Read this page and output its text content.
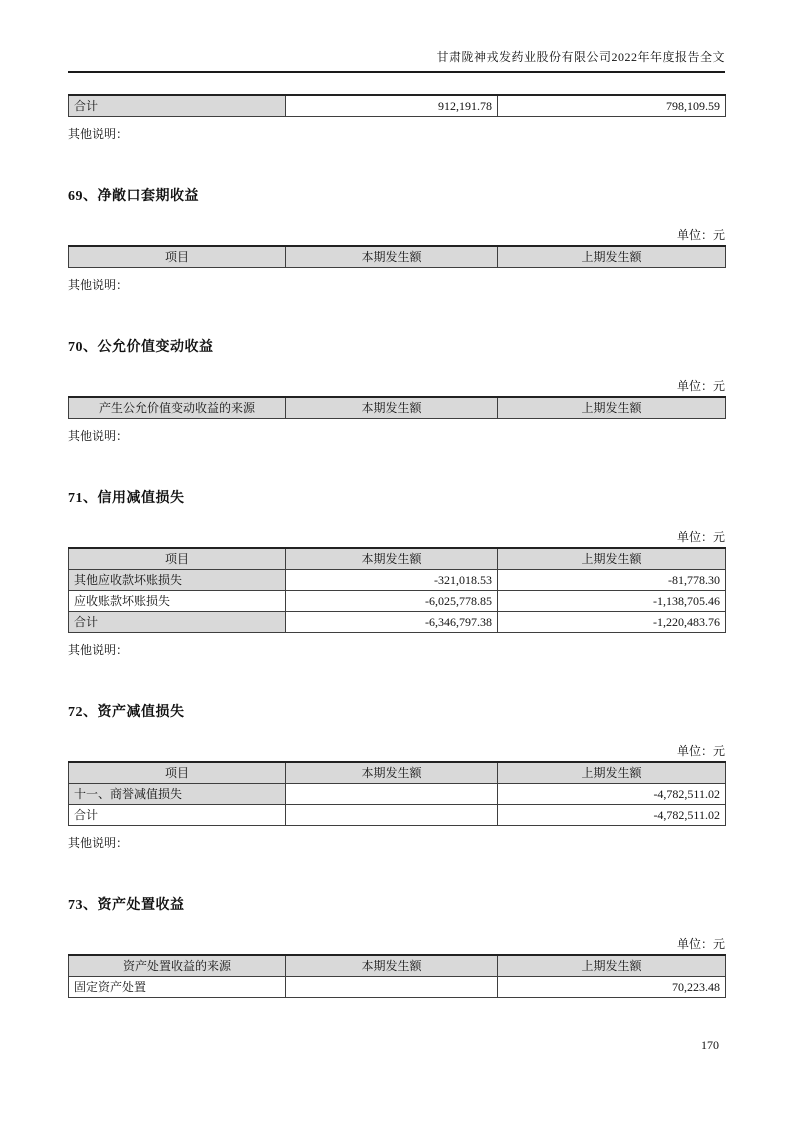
甘肃陇神戎发药业股份有限公司2022年年度报告全文
合计	912,191.78	798,109.59
其他说明：
69、净敞口套期收益
单位：元
项目	本期发生额	上期发生额
其他说明：
70、公允价值变动收益
单位：元
产生公允价值变动收益的来源	本期发生额	上期发生额
其他说明：
71、信用减值损失
单位：元
项目	本期发生额	上期发生额
其他应收款坏账损失	-321,018.53	-81,778.30
应收账款坏账损失	-6,025,778.85	-1,138,705.46
合计	-6,346,797.38	-1,220,483.76
其他说明：
72、资产减值损失
单位：元
项目	本期发生额	上期发生额
十一、商誉减值损失		-4,782,511.02
合计		-4,782,511.02
其他说明：
73、资产处置收益
单位：元
资产处置收益的来源	本期发生额	上期发生额
固定资产处置		70,223.48
170
